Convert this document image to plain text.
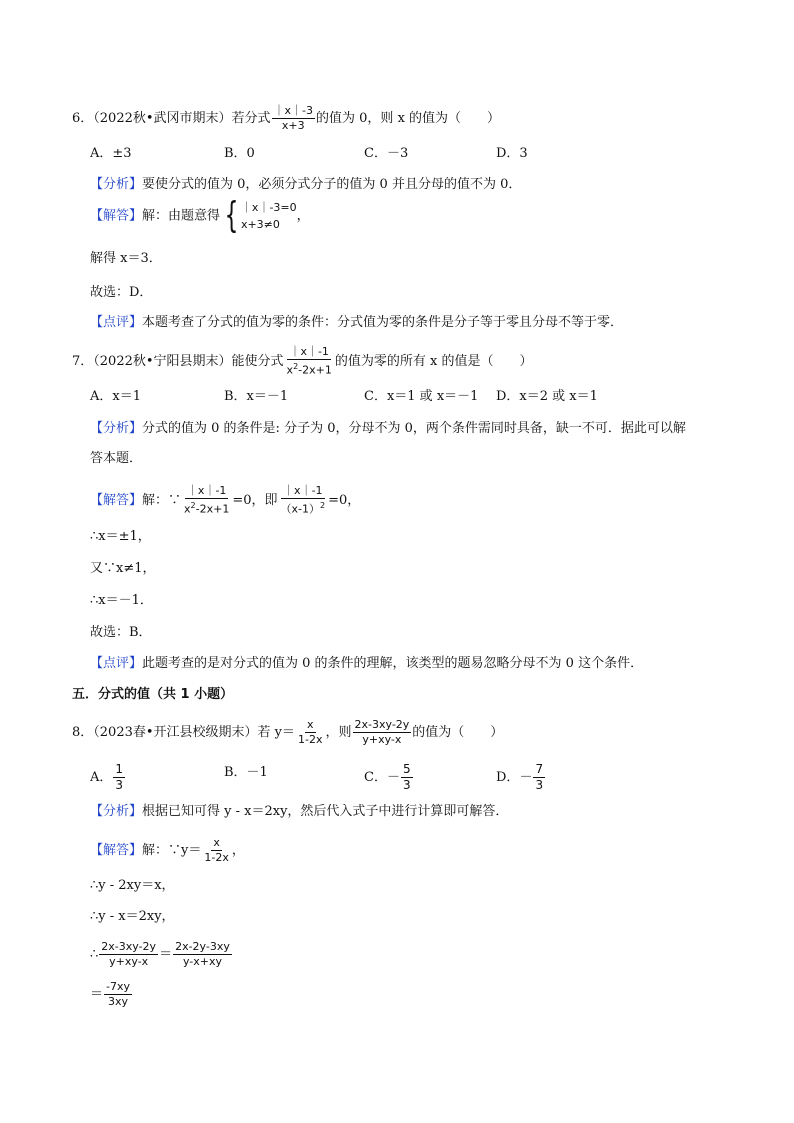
6．（2022秋•武冈市期末）若分式 $\frac{|x|-3}{x+3}$ 的值为 0，则 x 的值为（　　）
A．±3	B．0	C．－3	D．3
【分析】要使分式的值为 0，必须分式分子的值为 0 并且分母的值不为 0．
【解答】解：由题意得 { ｜x｜-3=0
x+3≠0
，
解得 x＝3．
故选：D．
【点评】本题考查了分式的值为零的条件：分式值为零的条件是分子等于零且分母不等于零．
7．（2022秋•宁阳县期末）能使分式 $\frac{|x|-1}{x^2-2x+1}$ 的值为零的所有 x 的值是（　　）
A．x＝1	B．x＝－1	C．x＝1 或 x＝－1 D．x＝2 或 x＝1
【分析】分式的值为 0 的条件是: 分子为 0，分母不为 0，两个条件需同时具备，缺一不可．据此可以解
答本题．
【解答】解：∵ $\frac{|x|-1}{x^2-2x+1} =0$，即 $\frac{|x|-1}{(x-1)^2} =0$，
∴x＝±1，
又∵x≠1，
∴x＝－1．
故选：B．
【点评】此题考查的是对分式的值为 0 的条件的理解，该类型的题易忽略分母不为 0 这个条件．
五．分式的值（共 1 小题）
8．（2023春•开江县校级期末）若 $y= \frac{x}{1-2x}$ ，则 $\frac{2x-3xy-2y}{y+xy-x}$ 的值为（　　）
A． $\frac{1}{3}$	B．－1	C．－ $\frac{5}{3}$	D．－ $\frac{7}{3}$
【分析】根据已知可得 y - x＝2xy，然后代入式子中进行计算即可解答．
【解答】解：∵y＝ $\frac{x}{1-2x}$ ，
∴y - 2xy＝x，
∴y - x＝2xy，
∴ $\frac{2x-3xy-2y}{y+xy-x} = \frac{2x-2y-3xy}{y-x+xy}$
＝ $\frac{-7xy}{3xy}$
